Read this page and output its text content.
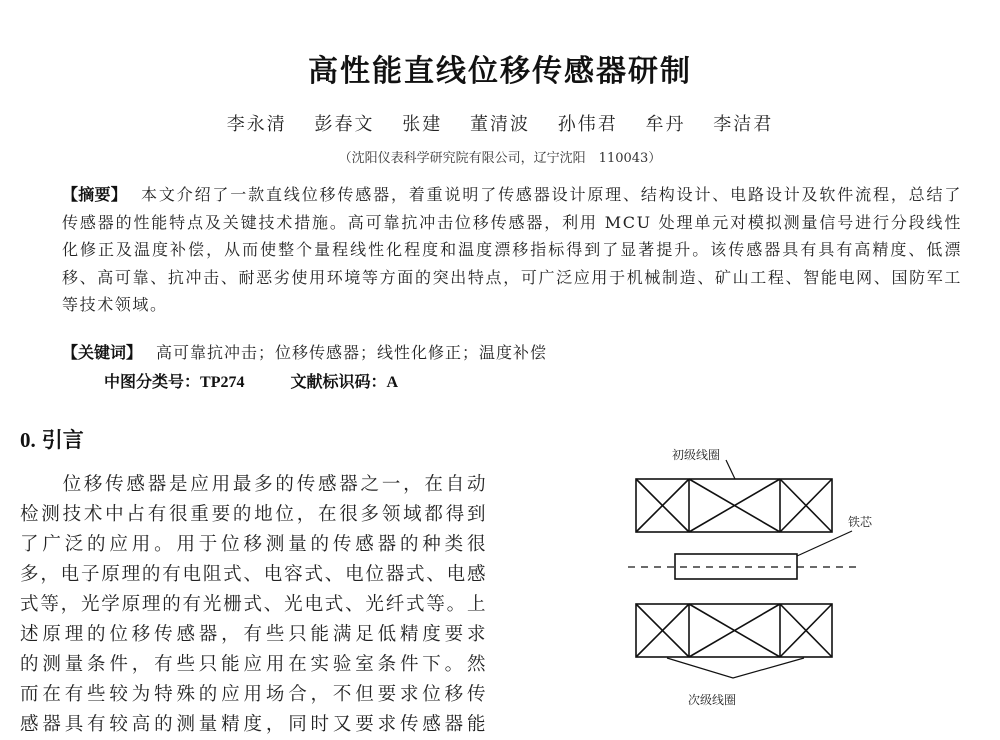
高性能直线位移传感器研制
李永清 彭春文 张建 董清波 孙伟君 牟丹 李洁君
（沈阳仪表科学研究院有限公司，辽宁沈阳　110043）
【摘要】 本文介绍了一款直线位移传感器，着重说明了传感器设计原理、结构设计、电路设计及软件流程，总结了传感器的性能特点及关键技术措施。高可靠抗冲击位移传感器，利用 MCU 处理单元对模拟测量信号进行分段线性化修正及温度补偿，从而使整个量程线性化程度和温度漂移指标得到了显著提升。该传感器具有具有高精度、低漂移、高可靠、抗冲击、耐恶劣使用环境等方面的突出特点，可广泛应用于机械制造、矿山工程、智能电网、国防军工等技术领域。
【关键词】 高可靠抗冲击；位移传感器；线性化修正；温度补偿
中图分类号：TP274	文献标识码：A
0. 引言
　　位移传感器是应用最多的传感器之一，在自动
检测技术中占有很重要的地位，在很多领域都得到
了广泛的应用。用于位移测量的传感器的种类很
多，电子原理的有电阻式、电容式、电位器式、电感
式等，光学原理的有光栅式、光电式、光纤式等。上
述原理的位移传感器，有些只能满足低精度要求
的测量条件，有些只能应用在实验室条件下。然
而在有些较为特殊的应用场合，不但要求位移传
感器具有较高的测量精度，同时又要求传感器能
初级线圈
铁芯
次级线圈
